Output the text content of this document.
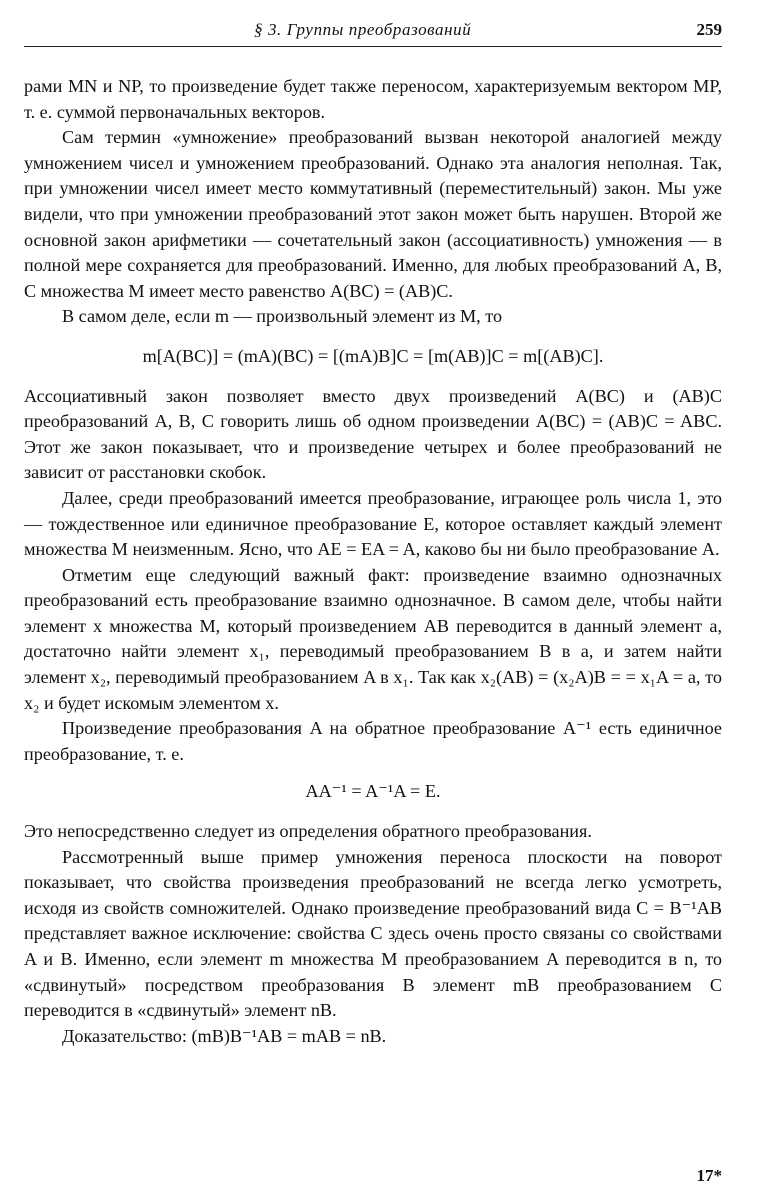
§ 3. Группы преобразований	259

рами MN и NP, то произведение будет также переносом, характеризуемым вектором MP, т. е. суммой первоначальных векторов.

Сам термин «умножение» преобразований вызван некоторой аналогией между умножением чисел и умножением преобразований. Однако эта аналогия неполная. Так, при умножении чисел имеет место коммутативный (переместительный) закон. Мы уже видели, что при умножении преобразований этот закон может быть нарушен. Второй же основной закон арифметики — сочетательный закон (ассоциативность) умножения — в полной мере сохраняется для преобразований. Именно, для любых преобразований A, B, C множества M имеет место равенство A(BC) = (AB)C.

В самом деле, если m — произвольный элемент из M, то

m[A(BC)] = (mA)(BC) = [(mA)B]C = [m(AB)]C = m[(AB)C].

Ассоциативный закон позволяет вместо двух произведений A(BC) и (AB)C преобразований A, B, C говорить лишь об одном произведении A(BC) = (AB)C = ABC. Этот же закон показывает, что и произведение четырех и более преобразований не зависит от расстановки скобок.

Далее, среди преобразований имеется преобразование, играющее роль числа 1, это — тождественное или единичное преобразование E, которое оставляет каждый элемент множества M неизменным. Ясно, что AE = EA = A, каково бы ни было преобразование A.

Отметим еще следующий важный факт: произведение взаимно однозначных преобразований есть преобразование взаимно однозначное. В самом деле, чтобы найти элемент x множества M, который произведением AB переводится в данный элемент a, достаточно найти элемент x₁, переводимый преобразованием B в a, и затем найти элемент x₂, переводимый преобразованием A в x₁. Так как x₂(AB) = (x₂A)B = = x₁A = a, то x₂ и будет искомым элементом x.

Произведение преобразования A на обратное преобразование A⁻¹ есть единичное преобразование, т. е.

AA⁻¹ = A⁻¹A = E.

Это непосредственно следует из определения обратного преобразования.

Рассмотренный выше пример умножения переноса плоскости на поворот показывает, что свойства произведения преобразований не всегда легко усмотреть, исходя из свойств сомножителей. Однако произведение преобразований вида C = B⁻¹AB представляет важное исключение: свойства C здесь очень просто связаны со свойствами A и B. Именно, если элемент m множества M преобразованием A переводится в n, то «сдвинутый» посредством преобразования B элемент mB преобразованием C переводится в «сдвинутый» элемент nB.

Доказательство: (mB)B⁻¹AB = mAB = nB.

17*
